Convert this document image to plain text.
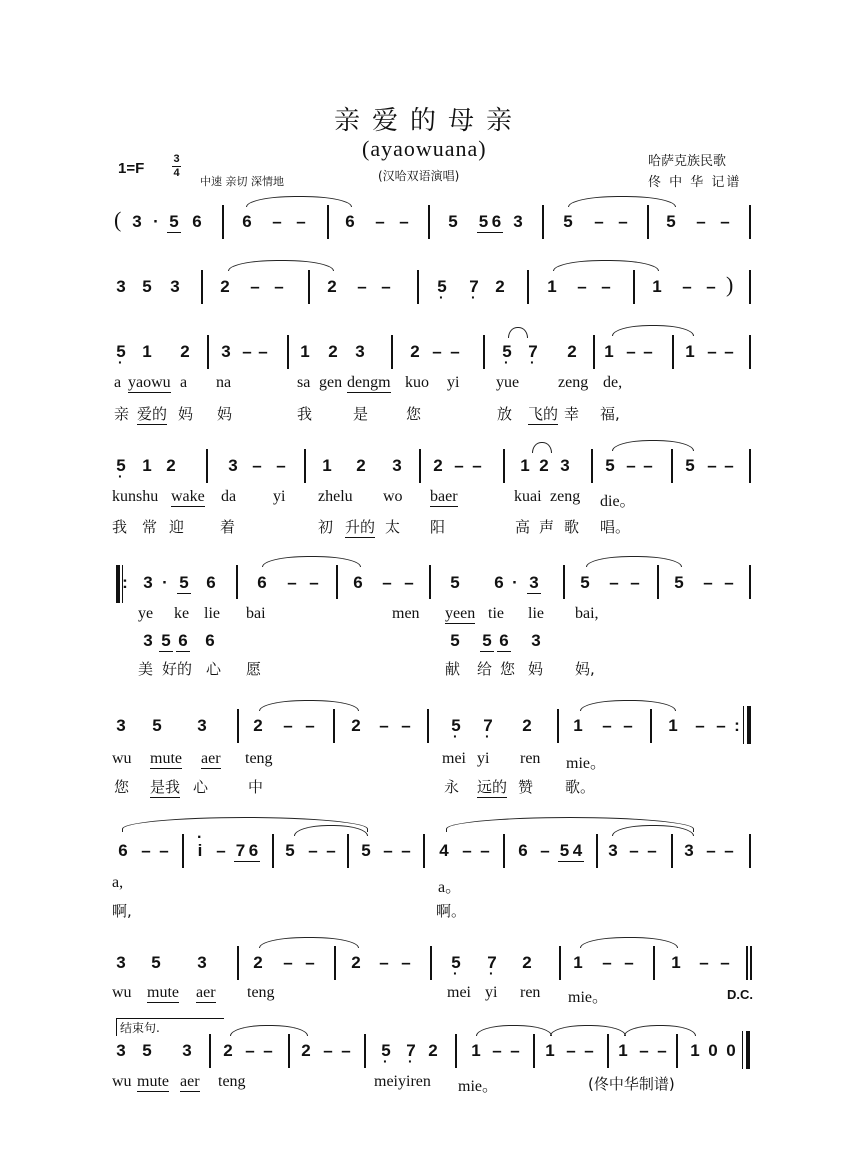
亲爱的母亲
(ayaowuana)
(汉哈双语演唱)
1=F
3
4
中速 亲切 深情地
哈萨克族民歌
佟 中 华 记谱
( 3 · 5 6 6 – – 6 – – 5 5 6 3 5 – – 5 – –
3 5 3 2 – –	2 – –	5 · 7 · 2	1 – – 1 – – )
5 · 1 2 3 – – 1 2 3	2 – –	5 · 7 · 2 1 – – 1 – –
a yaowu a na	sa gen dengm kuo yi yue zeng de,
亲 爱的 妈 妈	我	是	您	放 飞的 幸 福,
5 · 1 2	3 – – 1 2 3 2 – – 1 2 3 5 – – 5 – –
kunshu wake da yi zhelu wo baer	kuai zeng die。
我 常 迎 着	初 升的 太 阳	高 声 歌 唱。
: 3 · 5 6 6 – – 6 – – 5 6 · 3 5 – – 5 – –
ye ke lie bai	men yeen tie lie bai,
3 5 6 6	5 5 6 3
美 好的 心 愿	献 给 您 妈 妈,
3 5 3	2 – – 2 – – 5 · 7 · 2 1 – – 1 – – :
wu mute aer teng	mei yi ren mie。
您 是我 心	中	永 远的 赞 歌。
6 – – · i – 7 6 5 – – 5 – – 4 – – 6 – 5 4 3 – – 3 – –
a,	a。
啊,	啊。
3 5 3	2 – – 2 – – 5 · 7 · 2 1 – – 1 – –
wu mute aer teng	mei yi ren mie。	D.C.
结束句.
3 5 3 2 – – 2 – – 5 · 7 · 2 1 – – 1 – – 1 – – 1 0 0
wu mute aer teng	meiyiren mie。	(佟中华制谱)
